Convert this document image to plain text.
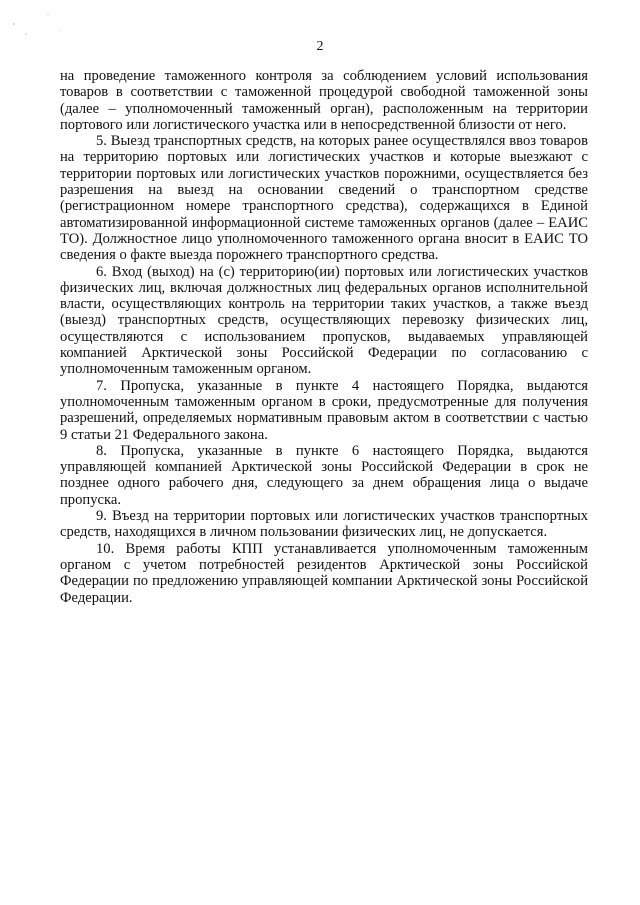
2

на проведение таможенного контроля за соблюдением условий использования товаров в соответствии с таможенной процедурой свободной таможенной зоны (далее – уполномоченный таможенный орган), расположенным на территории портового или логистического участка или в непосредственной близости от него.

5. Выезд транспортных средств, на которых ранее осуществлялся ввоз товаров на территорию портовых или логистических участков и которые выезжают с территории портовых или логистических участков порожними, осуществляется без разрешения на выезд на основании сведений о транспортном средстве (регистрационном номере транспортного средства), содержащихся в Единой автоматизированной информационной системе таможенных органов (далее – ЕАИС ТО). Должностное лицо уполномоченного таможенного органа вносит в ЕАИС ТО сведения о факте выезда порожнего транспортного средства.

6. Вход (выход) на (с) территорию(ии) портовых или логистических участков физических лиц, включая должностных лиц федеральных органов исполнительной власти, осуществляющих контроль на территории таких участков, а также въезд (выезд) транспортных средств, осуществляющих перевозку физических лиц, осуществляются с использованием пропусков, выдаваемых управляющей компанией Арктической зоны Российской Федерации по согласованию с уполномоченным таможенным органом.

7. Пропуска, указанные в пункте 4 настоящего Порядка, выдаются уполномоченным таможенным органом в сроки, предусмотренные для получения разрешений, определяемых нормативным правовым актом в соответствии с частью 9 статьи 21 Федерального закона.

8. Пропуска, указанные в пункте 6 настоящего Порядка, выдаются управляющей компанией Арктической зоны Российской Федерации в срок не позднее одного рабочего дня, следующего за днем обращения лица о выдаче пропуска.

9. Въезд на территории портовых или логистических участков транспортных средств, находящихся в личном пользовании физических лиц, не допускается.

10. Время работы КПП устанавливается уполномоченным таможенным органом с учетом потребностей резидентов Арктической зоны Российской Федерации по предложению управляющей компании Арктической зоны Российской Федерации.
